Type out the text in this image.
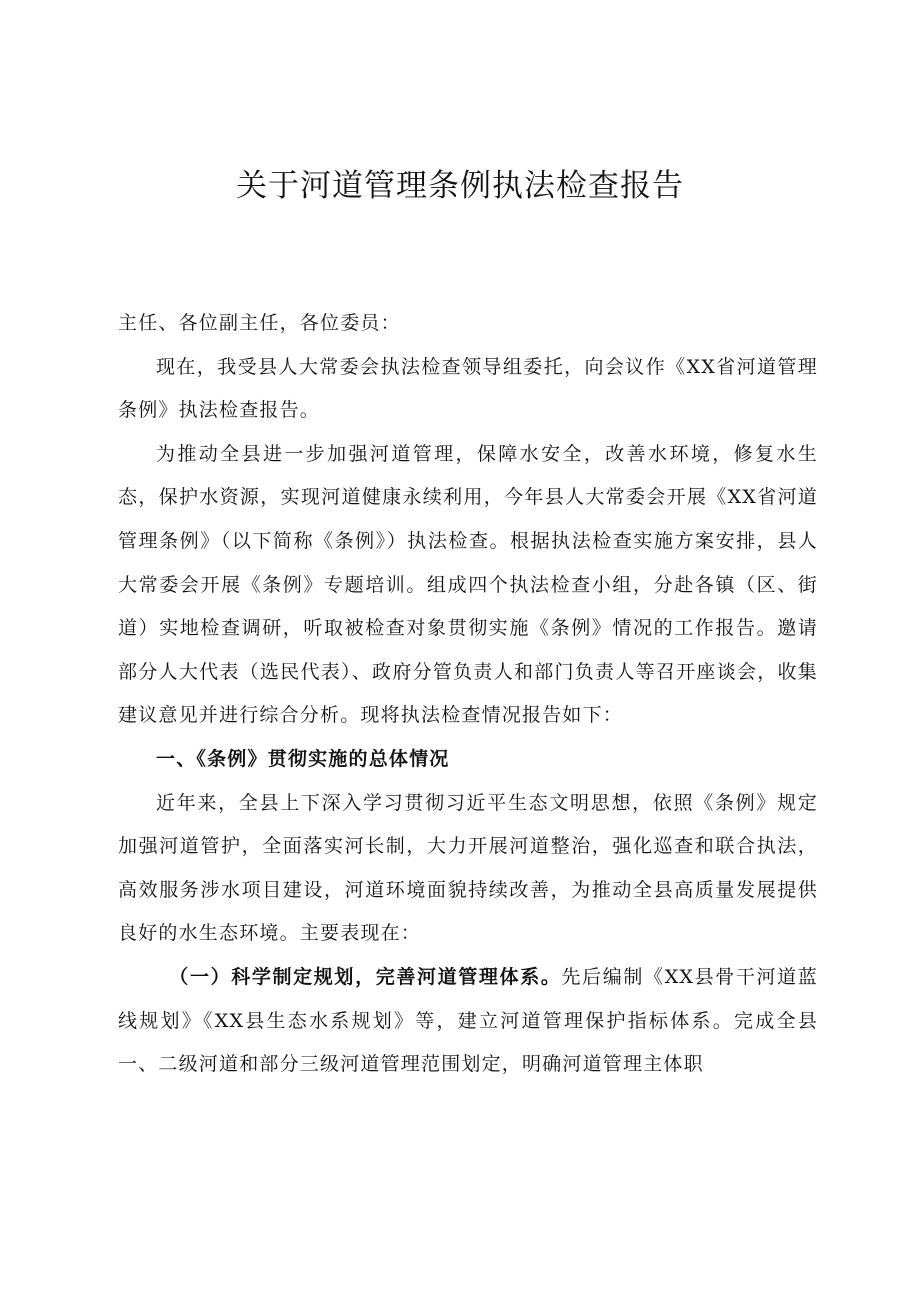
关于河道管理条例执法检查报告

主任、各位副主任，各位委员：

现在，我受县人大常委会执法检查领导组委托，向会议作《XX省河道管理条例》执法检查报告。

为推动全县进一步加强河道管理，保障水安全，改善水环境，修复水生态，保护水资源，实现河道健康永续利用，今年县人大常委会开展《XX省河道管理条例》（以下简称《条例》）执法检查。根据执法检查实施方案安排，县人大常委会开展《条例》专题培训。组成四个执法检查小组，分赴各镇（区、街道）实地检查调研，听取被检查对象贯彻实施《条例》情况的工作报告。邀请部分人大代表（选民代表）、政府分管负责人和部门负责人等召开座谈会，收集建议意见并进行综合分析。现将执法检查情况报告如下：

一、《条例》贯彻实施的总体情况

近年来，全县上下深入学习贯彻习近平生态文明思想，依照《条例》规定加强河道管护，全面落实河长制，大力开展河道整治，强化巡查和联合执法，高效服务涉水项目建设，河道环境面貌持续改善，为推动全县高质量发展提供良好的水生态环境。主要表现在：

（一）科学制定规划，完善河道管理体系。先后编制《XX县骨干河道蓝线规划》《XX县生态水系规划》等，建立河道管理保护指标体系。完成全县一、二级河道和部分三级河道管理范围划定，明确河道管理主体职
